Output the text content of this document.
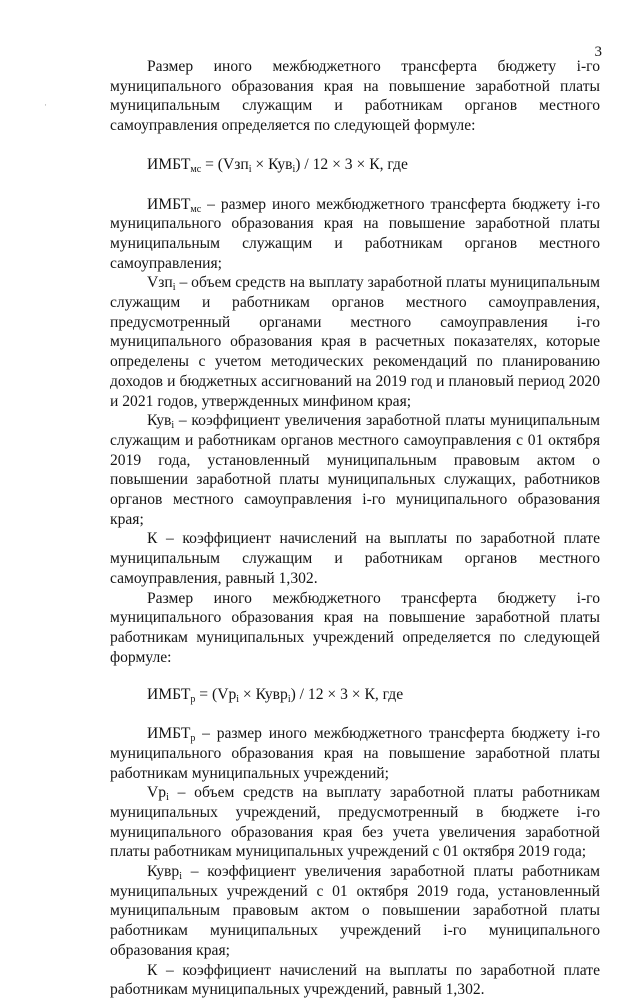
3
·

Размер иного межбюджетного трансферта бюджету i-го муниципального образования края на повышение заработной платы муниципальным служащим и работникам органов местного самоуправления определяется по следующей формуле:

$ИМБТ_{мс} = (Vзп_i \times Кув_i) / 12 \times 3 \times К$, где

$ИМБТ_{мс}$ – размер иного межбюджетного трансферта бюджету i-го муниципального образования края на повышение заработной платы муниципальным служащим и работникам органов местного самоуправления;

Vзп$_i$ – объем средств на выплату заработной платы муниципальным служащим и работникам органов местного самоуправления, предусмотренный органами местного самоуправления i-го муниципального образования края в расчетных показателях, которые определены с учетом методических рекомендаций по планированию доходов и бюджетных ассигнований на 2019 год и плановый период 2020 и 2021 годов, утвержденных минфином края;

Кув$_i$ – коэффициент увеличения заработной платы муниципальным служащим и работникам органов местного самоуправления с 01 октября 2019 года, установленный муниципальным правовым актом о повышении заработной платы муниципальных служащих, работников органов местного самоуправления i-го муниципального образования края;

К – коэффициент начислений на выплаты по заработной плате муниципальным служащим и работникам органов местного самоуправления, равный 1,302.

Размер иного межбюджетного трансферта бюджету i-го муниципального образования края на повышение заработной платы работникам муниципальных учреждений определяется по следующей формуле:

$ИМБТ_р = (Vp_i$ × Кувр$_i$) / 12 × 3 × К, где

$ИМБТ_р$ – размер иного межбюджетного трансферта бюджету i-го муниципального образования края на повышение заработной платы работникам муниципальных учреждений;

$Vp_i$ – объем средств на выплату заработной платы работникам муниципальных учреждений, предусмотренный в бюджете i-го муниципального образования края без учета увеличения заработной платы работникам муниципальных учреждений с 01 октября 2019 года;

Кувр$_i$ – коэффициент увеличения заработной платы работникам муниципальных учреждений с 01 октября 2019 года, установленный муниципальным правовым актом о повышении заработной платы работникам муниципальных учреждений i-го муниципального образования края;

К – коэффициент начислений на выплаты по заработной плате работникам муниципальных учреждений, равный 1,302.
